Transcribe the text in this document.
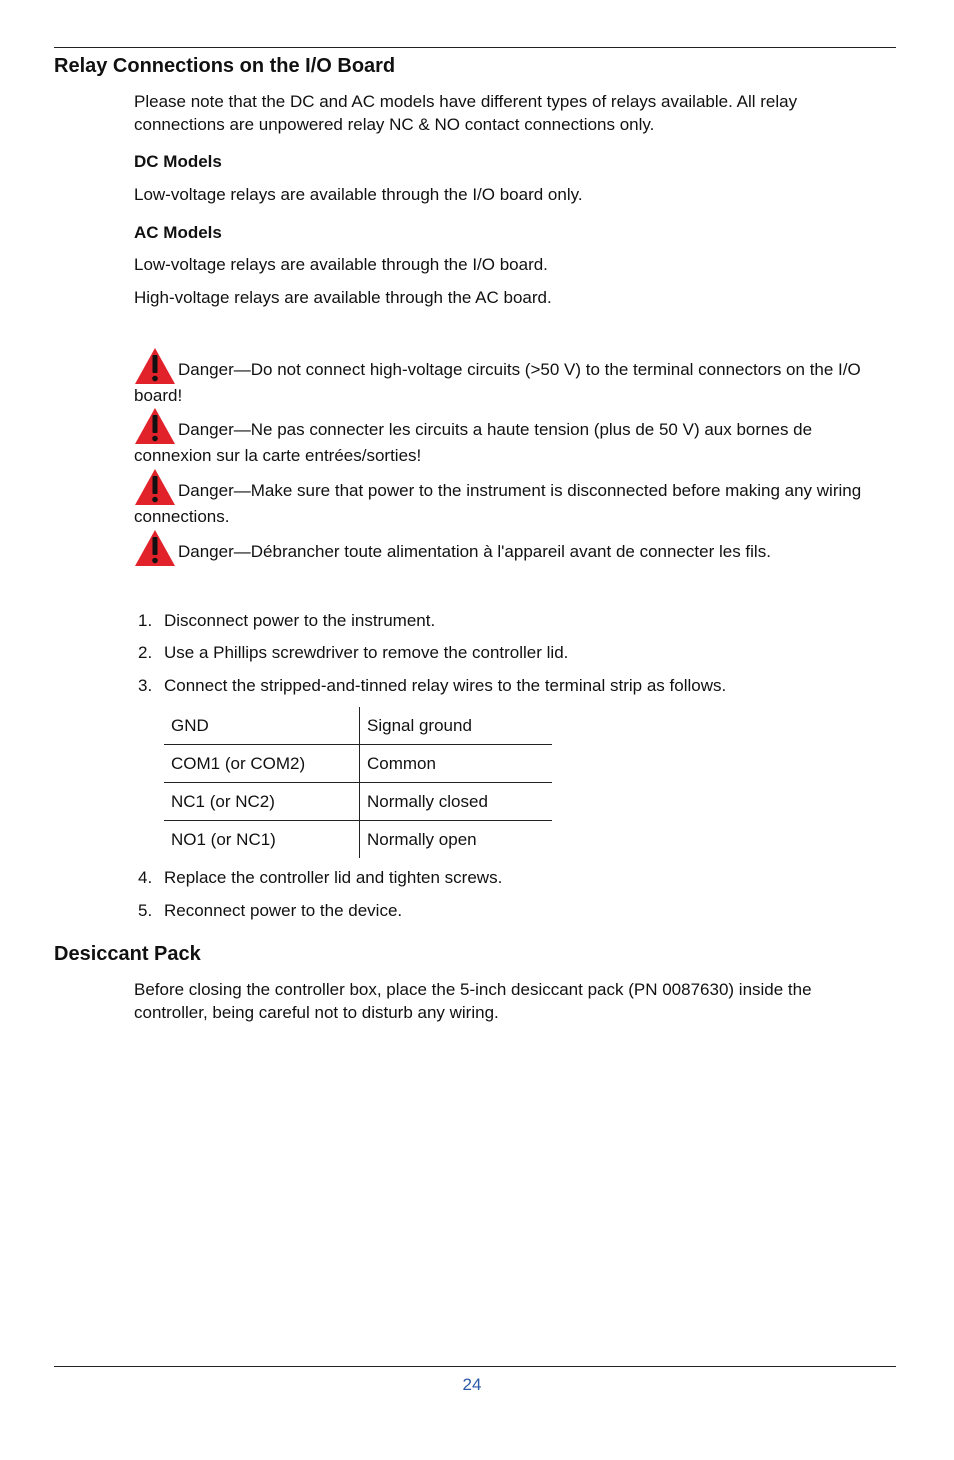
Relay Connections on the I/O Board

Please note that the DC and AC models have different types of relays available. All relay connections are unpowered relay NC & NO contact connections only.

DC Models

Low-voltage relays are available through the I/O board only.

AC Models

Low-voltage relays are available through the I/O board.

High-voltage relays are available through the AC board.

Danger—Do not connect high-voltage circuits (>50 V) to the terminal connectors on the I/O board!
Danger—Ne pas connecter les circuits a haute tension (plus de 50 V) aux bornes de connexion sur la carte entrées/sorties!
Danger—Make sure that power to the instrument is disconnected before making any wiring connections.
Danger—Débrancher toute alimentation à l'appareil avant de connecter les fils.
1. Disconnect power to the instrument.
2. Use a Phillips screwdriver to remove the controller lid.
3. Connect the stripped-and-tinned relay wires to the terminal strip as follows.
GND	Signal ground
COM1 (or COM2)	Common
NC1 (or NC2)	Normally closed
NO1 (or NC1)	Normally open
4. Replace the controller lid and tighten screws.
5. Reconnect power to the device.
Desiccant Pack

Before closing the controller box, place the 5-inch desiccant pack (PN 0087630) inside the controller, being careful not to disturb any wiring.

24
